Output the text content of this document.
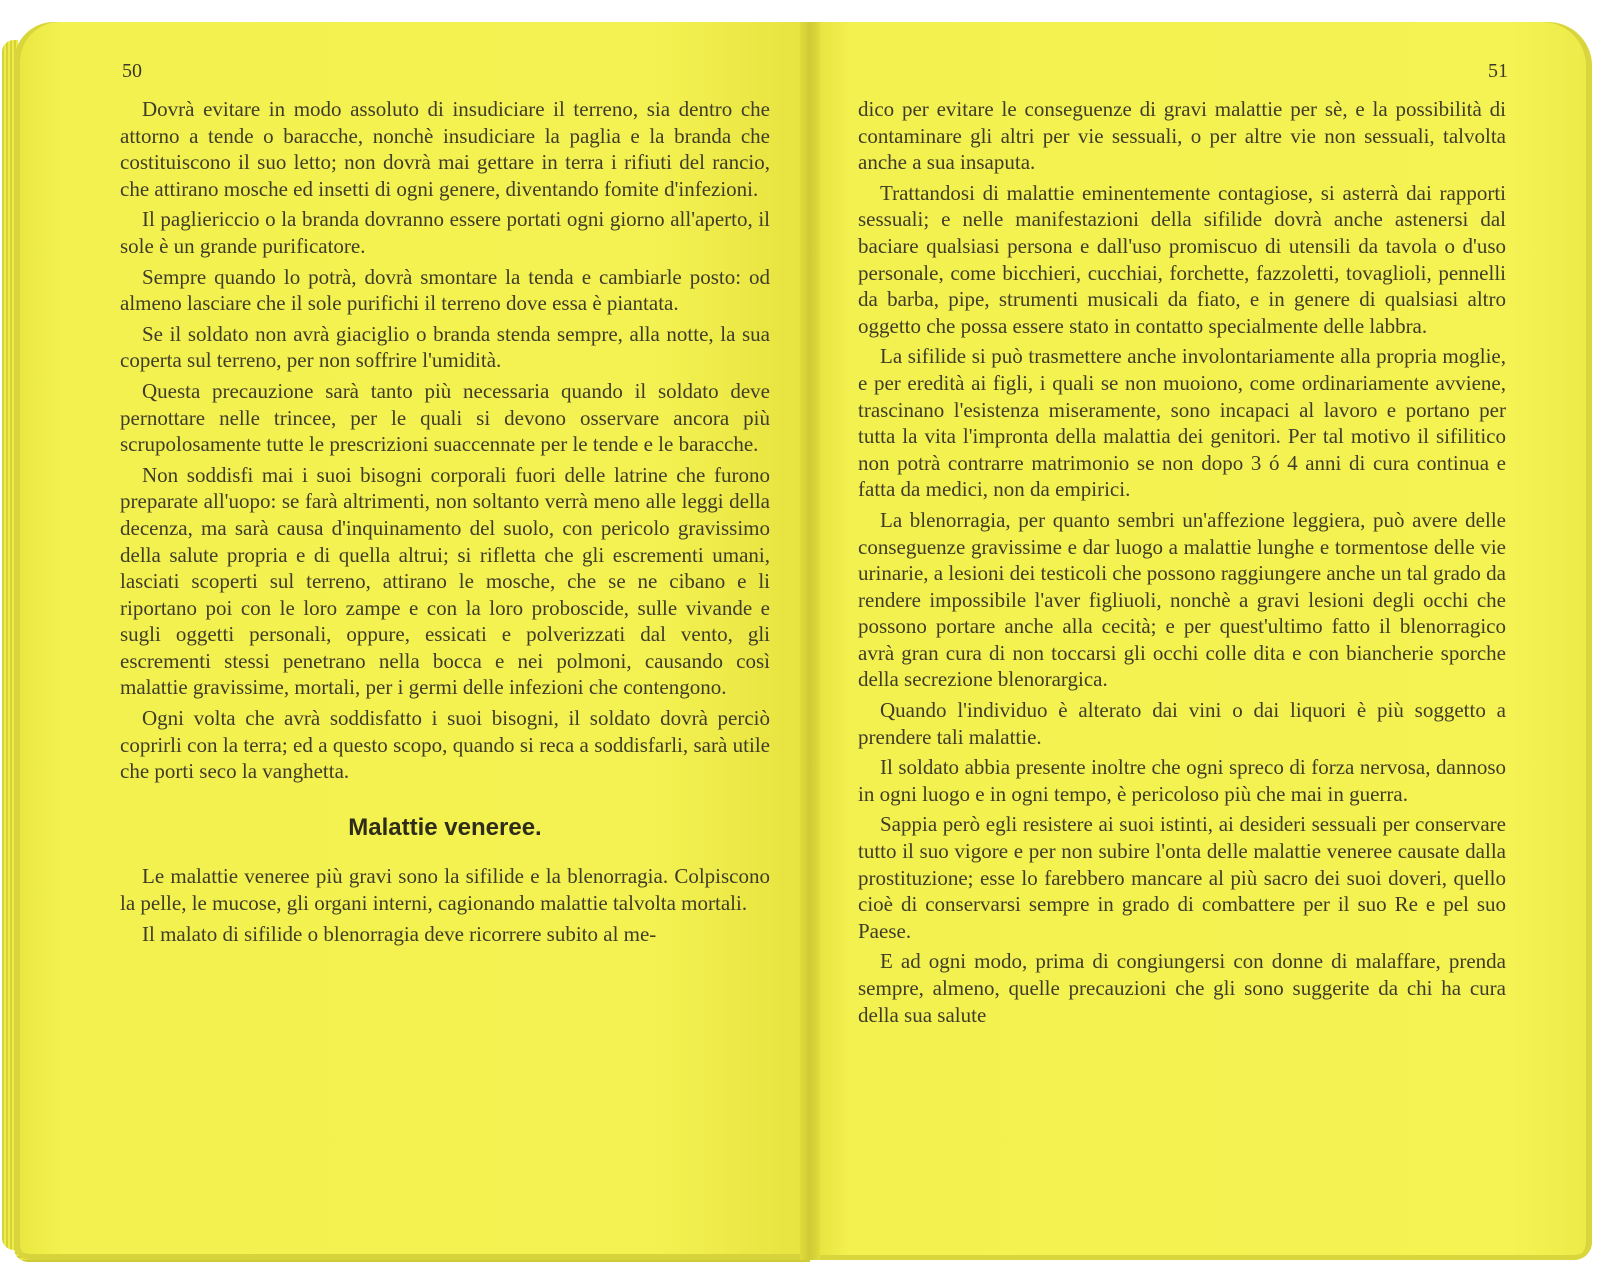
50	51

Dovrà evitare in modo assoluto di insudiciare il terreno, sia dentro che attorno a tende o baracche, nonchè insudiciare la paglia e la branda che costituiscono il suo letto; non dovrà mai gettare in terra i rifiuti del rancio, che attirano mosche ed insetti di ogni genere, diventando fomite d'infezioni.

Il pagliericcio o la branda dovranno essere portati ogni giorno all'aperto, il sole è un grande purificatore.

Sempre quando lo potrà, dovrà smontare la tenda e cambiarle posto: od almeno lasciare che il sole purifichi il terreno dove essa è piantata.

Se il soldato non avrà giaciglio o branda stenda sempre, alla notte, la sua coperta sul terreno, per non soffrire l'umidità.

Questa precauzione sarà tanto più necessaria quando il soldato deve pernottare nelle trincee, per le quali si devono osservare ancora più scrupolosamente tutte le prescrizioni suaccennate per le tende e le baracche.

Non soddisfi mai i suoi bisogni corporali fuori delle latrine che furono preparate all'uopo: se farà altrimenti, non soltanto verrà meno alle leggi della decenza, ma sarà causa d'inquinamento del suolo, con pericolo gravissimo della salute propria e di quella altrui; si rifletta che gli escrementi umani, lasciati scoperti sul terreno, attirano le mosche, che se ne cibano e li riportano poi con le loro zampe e con la loro proboscide, sulle vivande e sugli oggetti personali, oppure, essicati e polverizzati dal vento, gli escrementi stessi penetrano nella bocca e nei polmoni, causando così malattie gravissime, mortali, per i germi delle infezioni che contengono.

Ogni volta che avrà soddisfatto i suoi bisogni, il soldato dovrà perciò coprirli con la terra; ed a questo scopo, quando si reca a soddisfarli, sarà utile che porti seco la vanghetta.

Malattie veneree.

Le malattie veneree più gravi sono la sifilide e la blenorragia. Colpiscono la pelle, le mucose, gli organi interni, cagionando malattie talvolta mortali.

Il malato di sifilide o blenorragia deve ricorrere subito al me-

dico per evitare le conseguenze di gravi malattie per sè, e la possibilità di contaminare gli altri per vie sessuali, o per altre vie non sessuali, talvolta anche a sua insaputa.

Trattandosi di malattie eminentemente contagiose, si asterrà dai rapporti sessuali; e nelle manifestazioni della sifilide dovrà anche astenersi dal baciare qualsiasi persona e dall'uso promiscuo di utensili da tavola o d'uso personale, come bicchieri, cucchiai, forchette, fazzoletti, tovaglioli, pennelli da barba, pipe, strumenti musicali da fiato, e in genere di qualsiasi altro oggetto che possa essere stato in contatto specialmente delle labbra.

La sifilide si può trasmettere anche involontariamente alla propria moglie, e per eredità ai figli, i quali se non muoiono, come ordinariamente avviene, trascinano l'esistenza miseramente, sono incapaci al lavoro e portano per tutta la vita l'impronta della malattia dei genitori. Per tal motivo il sifilitico non potrà contrarre matrimonio se non dopo 3 ó 4 anni di cura continua e fatta da medici, non da empirici.

La blenorragia, per quanto sembri un'affezione leggiera, può avere delle conseguenze gravissime e dar luogo a malattie lunghe e tormentose delle vie urinarie, a lesioni dei testicoli che possono raggiungere anche un tal grado da rendere impossibile l'aver figliuoli, nonchè a gravi lesioni degli occhi che possono portare anche alla cecità; e per quest'ultimo fatto il blenorragico avrà gran cura di non toccarsi gli occhi colle dita e con biancherie sporche della secrezione blenorargica.

Quando l'individuo è alterato dai vini o dai liquori è più soggetto a prendere tali malattie.

Il soldato abbia presente inoltre che ogni spreco di forza nervosa, dannoso in ogni luogo e in ogni tempo, è pericoloso più che mai in guerra.

Sappia però egli resistere ai suoi istinti, ai desideri sessuali per conservare tutto il suo vigore e per non subire l'onta delle malattie veneree causate dalla prostituzione; esse lo farebbero mancare al più sacro dei suoi doveri, quello cioè di conservarsi sempre in grado di combattere per il suo Re e pel suo Paese.

E ad ogni modo, prima di congiungersi con donne di malaffare, prenda sempre, almeno, quelle precauzioni che gli sono suggerite da chi ha cura della sua salute
